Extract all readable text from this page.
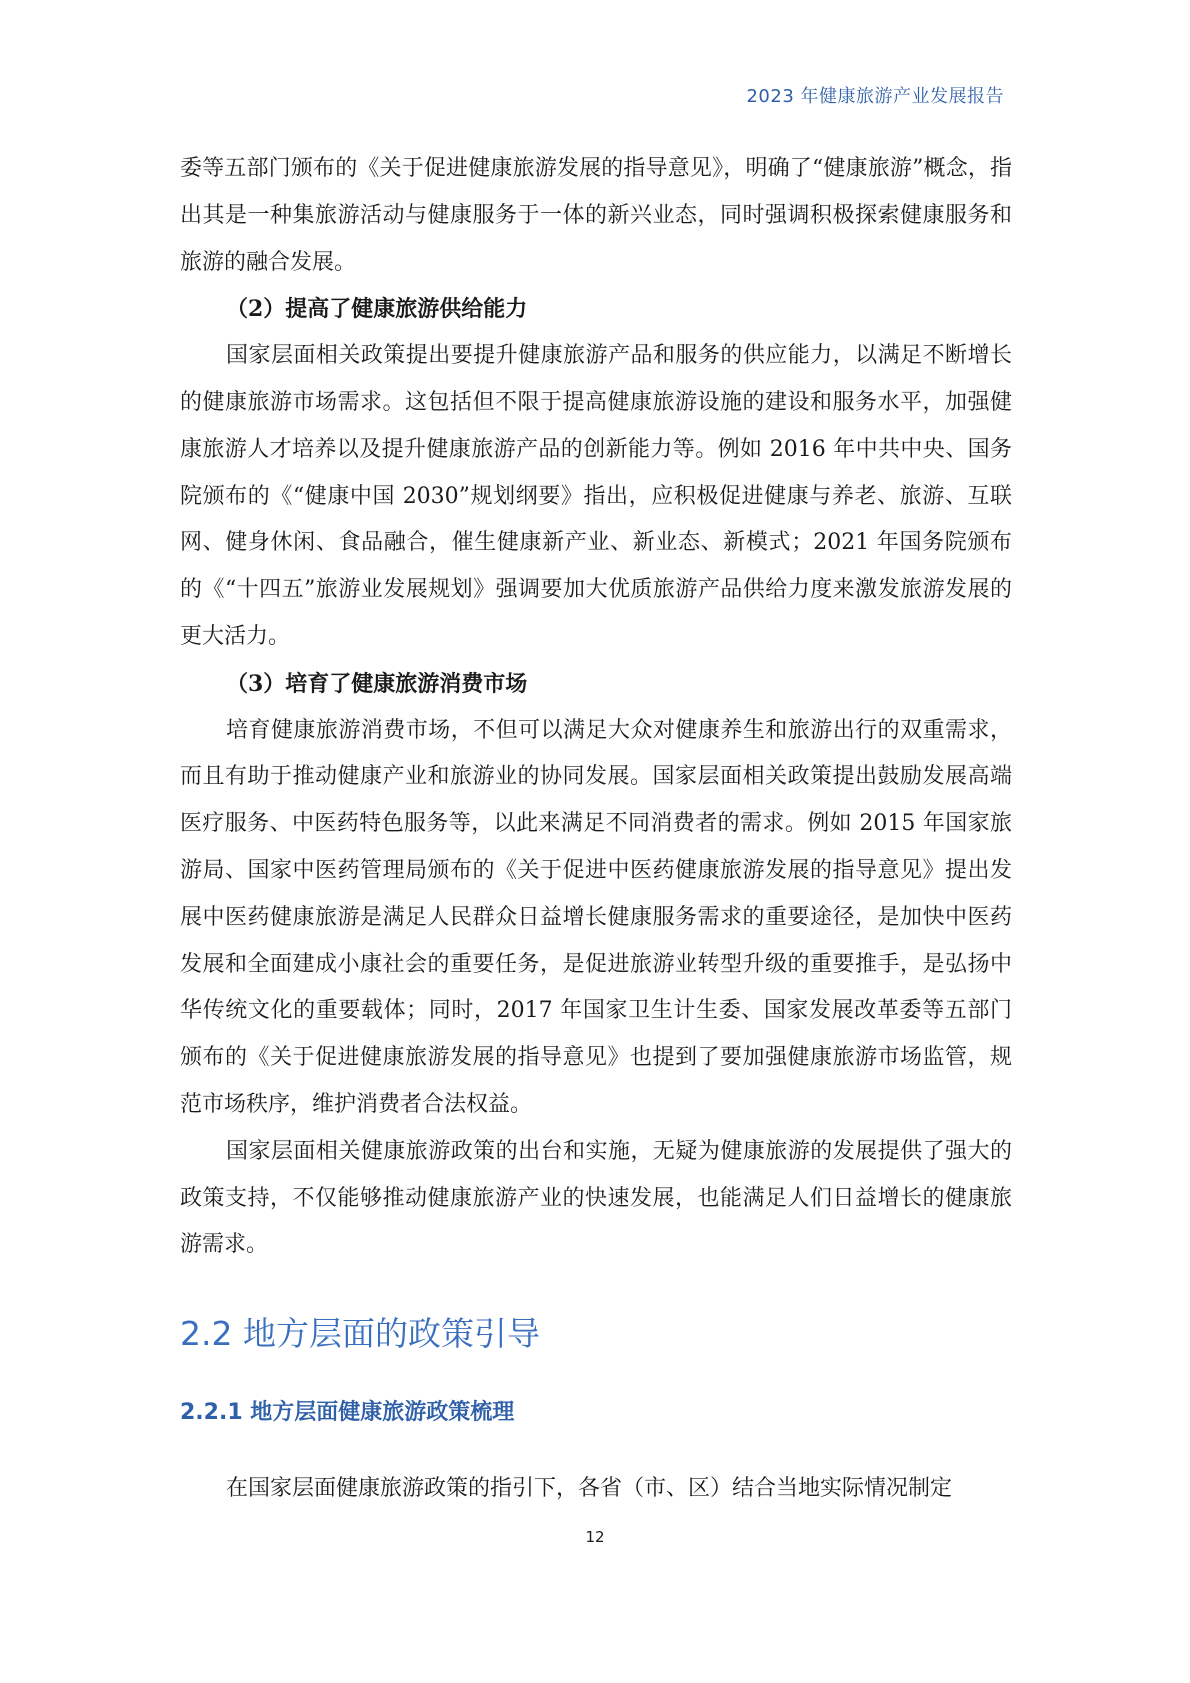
2023 年健康旅游产业发展报告

委等五部门颁布的《关于促进健康旅游发展的指导意见》，明确了“健康旅游”概念，指出其是一种集旅游活动与健康服务于一体的新兴业态，同时强调积极探索健康服务和旅游的融合发展。

（2）提高了健康旅游供给能力

国家层面相关政策提出要提升健康旅游产品和服务的供应能力，以满足不断增长的健康旅游市场需求。这包括但不限于提高健康旅游设施的建设和服务水平，加强健康旅游人才培养以及提升健康旅游产品的创新能力等。例如 2016 年中共中央、国务院颁布的《“健康中国 2030”规划纲要》指出，应积极促进健康与养老、旅游、互联网、健身休闲、食品融合，催生健康新产业、新业态、新模式；2021 年国务院颁布的《“十四五”旅游业发展规划》强调要加大优质旅游产品供给力度来激发旅游发展的更大活力。

（3）培育了健康旅游消费市场

培育健康旅游消费市场，不但可以满足大众对健康养生和旅游出行的双重需求，而且有助于推动健康产业和旅游业的协同发展。国家层面相关政策提出鼓励发展高端医疗服务、中医药特色服务等，以此来满足不同消费者的需求。例如 2015 年国家旅游局、国家中医药管理局颁布的《关于促进中医药健康旅游发展的指导意见》提出发展中医药健康旅游是满足人民群众日益增长健康服务需求的重要途径，是加快中医药发展和全面建成小康社会的重要任务，是促进旅游业转型升级的重要推手，是弘扬中华传统文化的重要载体；同时，2017 年国家卫生计生委、国家发展改革委等五部门颁布的《关于促进健康旅游发展的指导意见》也提到了要加强健康旅游市场监管，规范市场秩序，维护消费者合法权益。

国家层面相关健康旅游政策的出台和实施，无疑为健康旅游的发展提供了强大的政策支持，不仅能够推动健康旅游产业的快速发展，也能满足人们日益增长的健康旅游需求。

2.2 地方层面的政策引导
2.2.1 地方层面健康旅游政策梳理

在国家层面健康旅游政策的指引下，各省（市、区）结合当地实际情况制定

12
